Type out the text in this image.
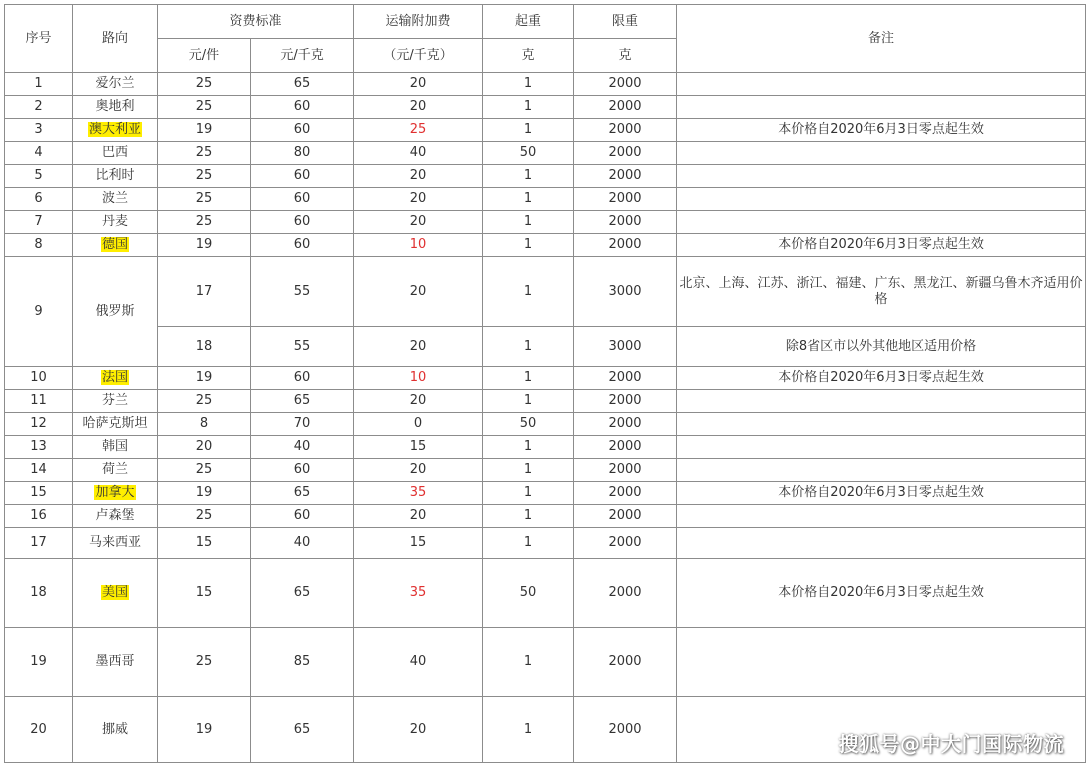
序号	路向	资费标准		运输附加费	起重	限重	备注
		元/件	元/千克	（元/千克）	克	克	
1	爱尔兰	25	65	20	1	2000	
2	奥地利	25	60	20	1	2000	
3	澳大利亚	19	60	25	1	2000	本价格自2020年6月3日零点起生效
4	巴西	25	80	40	50	2000	
5	比利时	25	60	20	1	2000	
6	波兰	25	60	20	1	2000	
7	丹麦	25	60	20	1	2000	
8	德国	19	60	10	1	2000	本价格自2020年6月3日零点起生效
9	俄罗斯	17	55	20	1	3000	北京、上海、江苏、浙江、福建、广东、黑龙江、新疆乌鲁木齐适用价格
		18	55	20	1	3000	除8省区市以外其他地区适用价格
10	法国	19	60	10	1	2000	本价格自2020年6月3日零点起生效
11	芬兰	25	65	20	1	2000	
12	哈萨克斯坦	8	70	0	50	2000	
13	韩国	20	40	15	1	2000	
14	荷兰	25	60	20	1	2000	
15	加拿大	19	65	35	1	2000	本价格自2020年6月3日零点起生效
16	卢森堡	25	60	20	1	2000	
17	马来西亚	15	40	15	1	2000	
18	美国	15	65	35	50	2000	本价格自2020年6月3日零点起生效
19	墨西哥	25	85	40	1	2000	
20	挪威	19	65	20	1	2000	
搜狐号@中大门国际物流
